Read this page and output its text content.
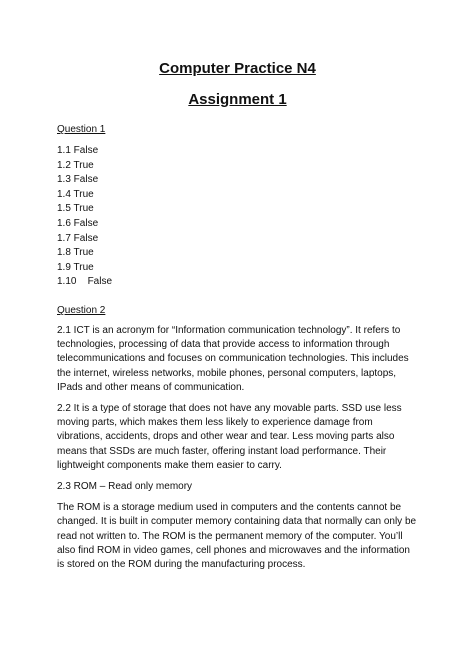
Computer Practice N4
Assignment 1
Question 1
1.1 False
1.2 True
1.3 False
1.4 True
1.5 True
1.6 False
1.7 False
1.8 True
1.9 True
1.10    False
Question 2

2.1 ICT is an acronym for “Information communication technology”. It refers to technologies, processing of data that provide access to information through telecommunications and focuses on communication technologies. This includes the internet, wireless networks, mobile phones, personal computers, laptops, IPads and other means of communication.

2.2 It is a type of storage that does not have any movable parts. SSD use less moving parts, which makes them less likely to experience damage from vibrations, accidents, drops and other wear and tear. Less moving parts also means that SSDs are much faster, offering instant load performance. Their lightweight components make them easier to carry.

2.3 ROM – Read only memory

The ROM is a storage medium used in computers and the contents cannot be changed. It is built in computer memory containing data that normally can only be read not written to. The ROM is the permanent memory of the computer. You’ll also find ROM in video games, cell phones and microwaves and the information is stored on the ROM during the manufacturing process.
